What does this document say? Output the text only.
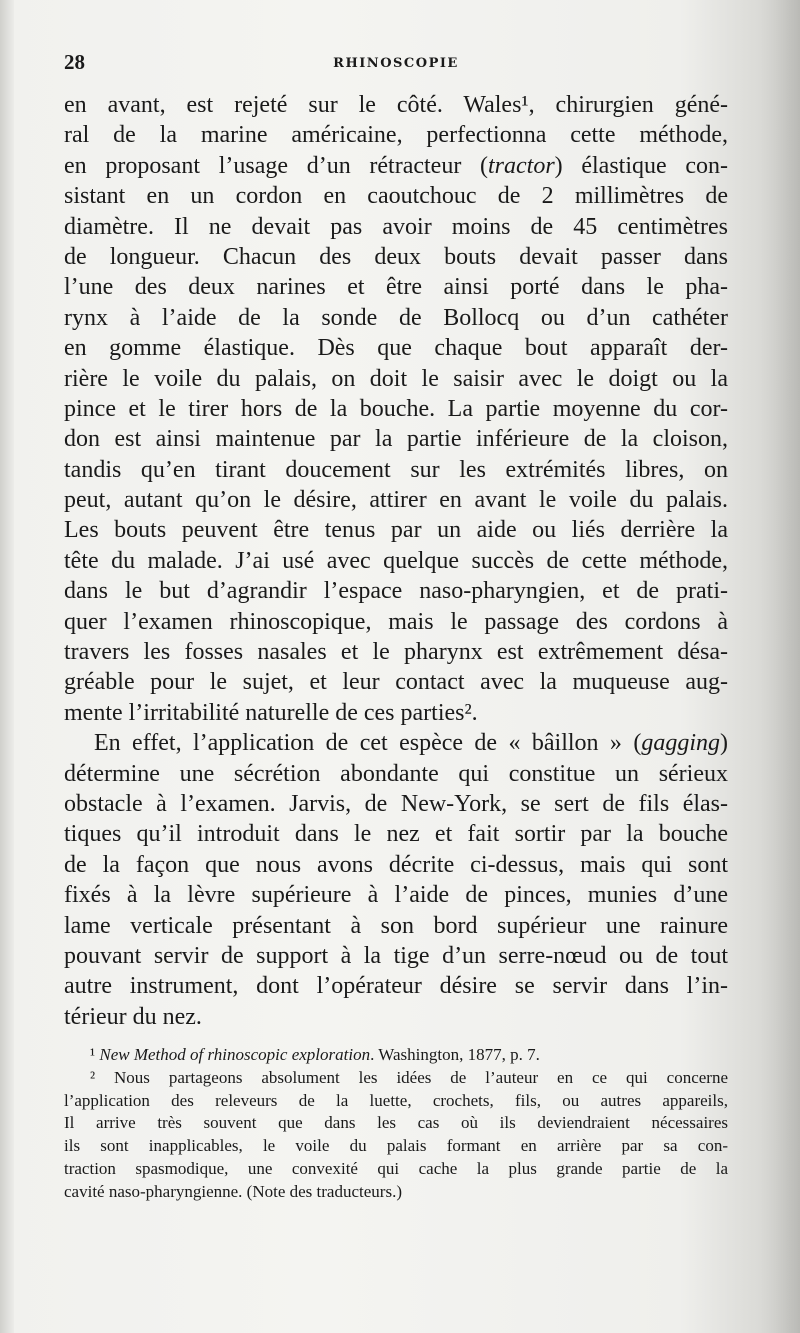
28	RHINOSCOPIE
en avant, est rejeté sur le côté. Wales¹, chirurgien géné-
ral de la marine américaine, perfectionna cette méthode,
en proposant l’usage d’un rétracteur (tractor) élastique con-
sistant en un cordon en caoutchouc de 2 millimètres de
diamètre. Il ne devait pas avoir moins de 45 centimètres
de longueur. Chacun des deux bouts devait passer dans
l’une des deux narines et être ainsi porté dans le pha-
rynx à l’aide de la sonde de Bollocq ou d’un cathéter
en gomme élastique. Dès que chaque bout apparaît der-
rière le voile du palais, on doit le saisir avec le doigt ou la
pince et le tirer hors de la bouche. La partie moyenne du cor-
don est ainsi maintenue par la partie inférieure de la cloison,
tandis qu’en tirant doucement sur les extrémités libres, on
peut, autant qu’on le désire, attirer en avant le voile du palais.
Les bouts peuvent être tenus par un aide ou liés derrière la
tête du malade. J’ai usé avec quelque succès de cette méthode,
dans le but d’agrandir l’espace naso-pharyngien, et de prati-
quer l’examen rhinoscopique, mais le passage des cordons à
travers les fosses nasales et le pharynx est extrêmement désa-
gréable pour le sujet, et leur contact avec la muqueuse aug-
mente l’irritabilité naturelle de ces parties².
En effet, l’application de cet espèce de « bâillon » (gagging)
détermine une sécrétion abondante qui constitue un sérieux
obstacle à l’examen. Jarvis, de New-York, se sert de fils élas-
tiques qu’il introduit dans le nez et fait sortir par la bouche
de la façon que nous avons décrite ci-dessus, mais qui sont
fixés à la lèvre supérieure à l’aide de pinces, munies d’une
lame verticale présentant à son bord supérieur une rainure
pouvant servir de support à la tige d’un serre-nœud ou de tout
autre instrument, dont l’opérateur désire se servir dans l’in-
térieur du nez.
¹ New Method of rhinoscopic exploration. Washington, 1877, p. 7.
² Nous partageons absolument les idées de l’auteur en ce qui concerne
l’application des releveurs de la luette, crochets, fils, ou autres appareils,
Il arrive très souvent que dans les cas où ils deviendraient nécessaires
ils sont inapplicables, le voile du palais formant en arrière par sa con-
traction spasmodique, une convexité qui cache la plus grande partie de la
cavité naso-pharyngienne. (Note des traducteurs.)
